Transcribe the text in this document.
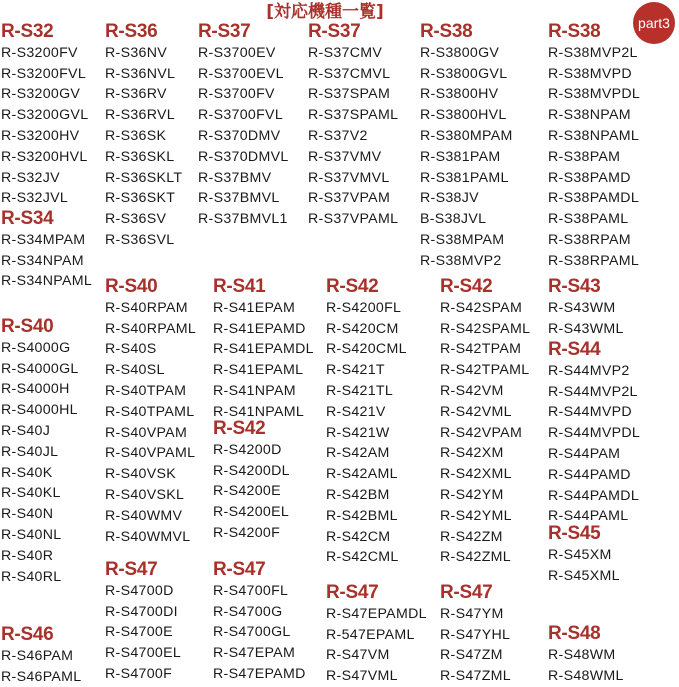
[対応機種一覧]
part3
R-S32
R-S3200FV
R-S3200FVL
R-S3200GV
R-S3200GVL
R-S3200HV
R-S3200HVL
R-S32JV
R-S32JVL
R-S34
R-S34MPAM
R-S34NPAM
R-S34NPAML
R-S36
R-S36NV
R-S36NVL
R-S36RV
R-S36RVL
R-S36SK
R-S36SKL
R-S36SKLT
R-S36SKT
R-S36SV
R-S36SVL
R-S37
R-S3700EV
R-S3700EVL
R-S3700FV
R-S3700FVL
R-S370DMV
R-S370DMVL
R-S37BMV
R-S37BMVL
R-S37BMVL1
R-S37
R-S37CMV
R-S37CMVL
R-S37SPAM
R-S37SPAML
R-S37V2
R-S37VMV
R-S37VMVL
R-S37VPAM
R-S37VPAML
R-S38
R-S3800GV
R-S3800GVL
R-S3800HV
R-S3800HVL
R-S380MPAM
R-S381PAM
R-S381PAML
R-S38JV
B-S38JVL
R-S38MPAM
R-S38MVP2
R-S38
R-S38MVP2L
R-S38MVPD
R-S38MVPDL
R-S38NPAM
R-S38NPAML
R-S38PAM
R-S38PAMD
R-S38PAMDL
R-S38PAML
R-S38RPAM
R-S38RPAML
R-S40
R-S4000G
R-S4000GL
R-S4000H
R-S4000HL
R-S40J
R-S40JL
R-S40K
R-S40KL
R-S40N
R-S40NL
R-S40R
R-S40RL
R-S40
R-S40RPAM
R-S40RPAML
R-S40S
R-S40SL
R-S40TPAM
R-S40TPAML
R-S40VPAM
R-S40VPAML
R-S40VSK
R-S40VSKL
R-S40WMV
R-S40WMVL
R-S41
R-S41EPAM
R-S41EPAMD
R-S41EPAMDL
R-S41EPAML
R-S41NPAM
R-S41NPAML
R-S42
R-S4200D
R-S4200DL
R-S4200E
R-S4200EL
R-S4200F
R-S42
R-S4200FL
R-S420CM
R-S420CML
R-S421T
R-S421TL
R-S421V
R-S421W
R-S42AM
R-S42AML
R-S42BM
R-S42BML
R-S42CM
R-S42CML
R-S42
R-S42SPAM
R-S42SPAML
R-S42TPAM
R-S42TPAML
R-S42VM
R-S42VML
R-S42VPAM
R-S42XM
R-S42XML
R-S42YM
R-S42YML
R-S42ZM
R-S42ZML
R-S43
R-S43WM
R-S43WML
R-S44
R-S44MVP2
R-S44MVP2L
R-S44MVPD
R-S44MVPDL
R-S44PAM
R-S44PAMD
R-S44PAMDL
R-S44PAML
R-S45
R-S45XM
R-S45XML
R-S46
R-S46PAM
R-S46PAML
R-S47
R-S4700D
R-S4700DI
R-S4700E
R-S4700EL
R-S4700F
R-S47
R-S4700FL
R-S4700G
R-S4700GL
R-S47EPAM
R-S47EPAMD
R-S47
R-S47EPAMDL
R-547EPAML
R-S47VM
R-S47VML
R-S47
R-S47YM
R-S47YHL
R-S47ZM
R-S47ZML
R-S48
R-S48WM
R-S48WML
